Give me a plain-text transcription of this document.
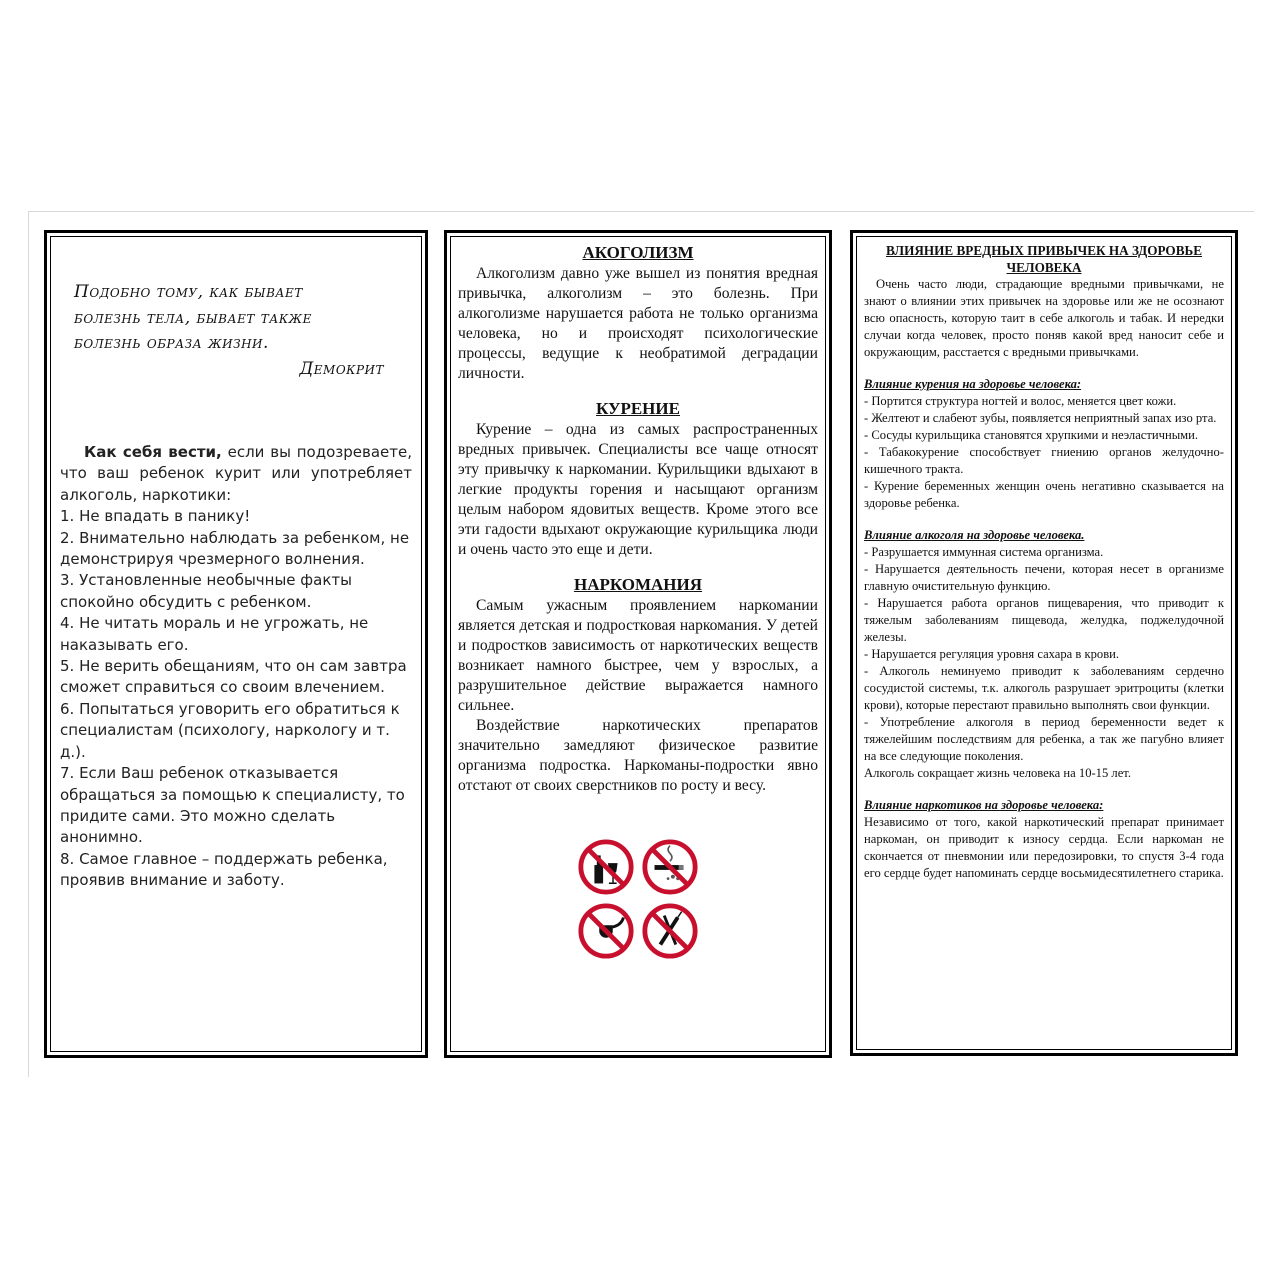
Подобно тому, как бывает

болезнь тела, бывает также

болезнь образа жизни.

Демокрит

Как себя вести, если вы подозреваете, что ваш ребенок курит или употребляет алкоголь, наркотики:

1. Не впадать в панику!

2. Внимательно наблюдать за ребенком, не демонстрируя чрезмерного волнения.

3. Установленные необычные факты спокойно обсудить с ребенком.

4. Не читать мораль и не угрожать, не наказывать его.

5. Не верить обещаниям, что он сам завтра сможет справиться со своим влечением.

6. Попытаться уговорить его обратиться к специалистам (психологу, наркологу и т. д.).

7. Если Ваш ребенок отказывается обращаться за помощью к специалисту, то придите сами. Это можно сделать анонимно.

8. Самое главное – поддержать ребенка, проявив внимание и заботу.

АКОГОЛИЗМ

Алкоголизм давно уже вышел из понятия вредная привычка, алкоголизм – это болезнь. При алкоголизме нарушается работа не только организма человека, но и происходят психологические процессы, ведущие к необратимой деградации личности.

КУРЕНИЕ

Курение – одна из самых распространенных вредных привычек. Специалисты все чаще относят эту привычку к наркомании. Курильщики вдыхают в легкие продукты горения и насыщают организм целым набором ядовитых веществ. Кроме этого все эти гадости вдыхают окружающие курильщика люди и очень часто это еще и дети.

НАРКОМАНИЯ

Самым ужасным проявлением наркомании является детская и подростковая наркомания. У детей и подростков зависимость от наркотических веществ возникает намного быстрее, чем у взрослых, а разрушительное действие выражается намного сильнее.

Воздействие наркотических препаратов значительно замедляют физическое развитие организма подростка. Наркоманы-подростки явно отстают от своих сверстников по росту и весу.

ВЛИЯНИЕ ВРЕДНЫХ ПРИВЫЧЕК НА ЗДОРОВЬЕ ЧЕЛОВЕКА

Очень часто люди, страдающие вредными привычками, не знают о влиянии этих привычек на здоровье или же не осознают всю опасность, которую таит в себе алкоголь и табак. И нередки случаи когда человек, просто поняв какой вред наносит себе и окружающим, расстается с вредными привычками.

Влияние курения на здоровье человека:

- Портится структура ногтей и волос, меняется цвет кожи.

- Желтеют и слабеют зубы, появляется неприятный запах изо рта.

- Сосуды курильщика становятся хрупкими и неэластичными.

- Табакокурение способствует гниению органов желудочно-кишечного тракта.

- Курение беременных женщин очень негативно сказывается на здоровье ребенка.

Влияние алкоголя на здоровье человека.

- Разрушается иммунная система организма.

- Нарушается деятельность печени, которая несет в организме главную очистительную функцию.

- Нарушается работа органов пищеварения, что приводит к тяжелым заболеваниям пищевода, желудка, поджелудочной железы.

- Нарушается регуляция уровня сахара в крови.

- Алкоголь неминуемо приводит к заболеваниям сердечно сосудистой системы, т.к. алкоголь разрушает эритроциты (клетки крови), которые перестают правильно выполнять свои функции.

- Употребление алкоголя в период беременности ведет к тяжелейшим последствиям для ребенка, а так же пагубно влияет на все следующие поколения.

Алкоголь сокращает жизнь человека на 10-15 лет.

Влияние наркотиков на здоровье человека:

Независимо от того, какой наркотический препарат принимает наркоман, он приводит к износу сердца. Если наркоман не скончается от пневмонии или передозировки, то спустя 3-4 года его сердце будет напоминать сердце восьмидесятилетнего старика.
